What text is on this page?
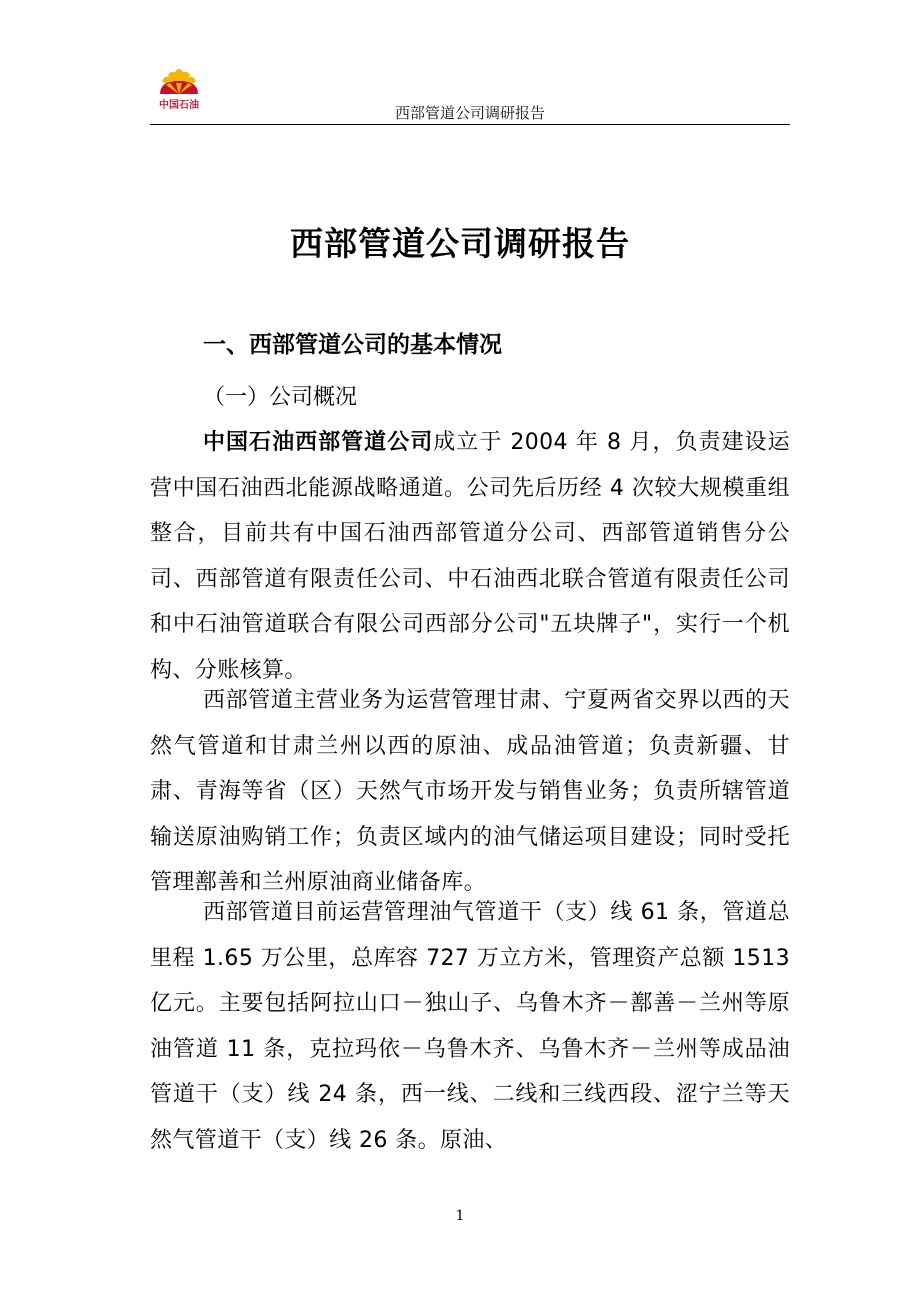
中国石油	西部管道公司调研报告
西部管道公司调研报告
一、西部管道公司的基本情况
（一）公司概况
中国石油西部管道公司成立于 2004 年 8 月，负责建设运营中国石油西北能源战略通道。公司先后历经 4 次较大规模重组整合，目前共有中国石油西部管道分公司、西部管道销售分公司、西部管道有限责任公司、中石油西北联合管道有限责任公司和中石油管道联合有限公司西部分公司"五块牌子"，实行一个机构、分账核算。
西部管道主营业务为运营管理甘肃、宁夏两省交界以西的天然气管道和甘肃兰州以西的原油、成品油管道；负责新疆、甘肃、青海等省（区）天然气市场开发与销售业务；负责所辖管道输送原油购销工作；负责区域内的油气储运项目建设；同时受托管理鄯善和兰州原油商业储备库。
西部管道目前运营管理油气管道干（支）线 61 条，管道总里程 1.65 万公里，总库容 727 万立方米，管理资产总额 1513 亿元。主要包括阿拉山口－独山子、乌鲁木齐－鄯善－兰州等原油管道 11 条，克拉玛依－乌鲁木齐、乌鲁木齐－兰州等成品油管道干（支）线 24 条，西一线、二线和三线西段、涩宁兰等天然气管道干（支）线 26 条。原油、
1
